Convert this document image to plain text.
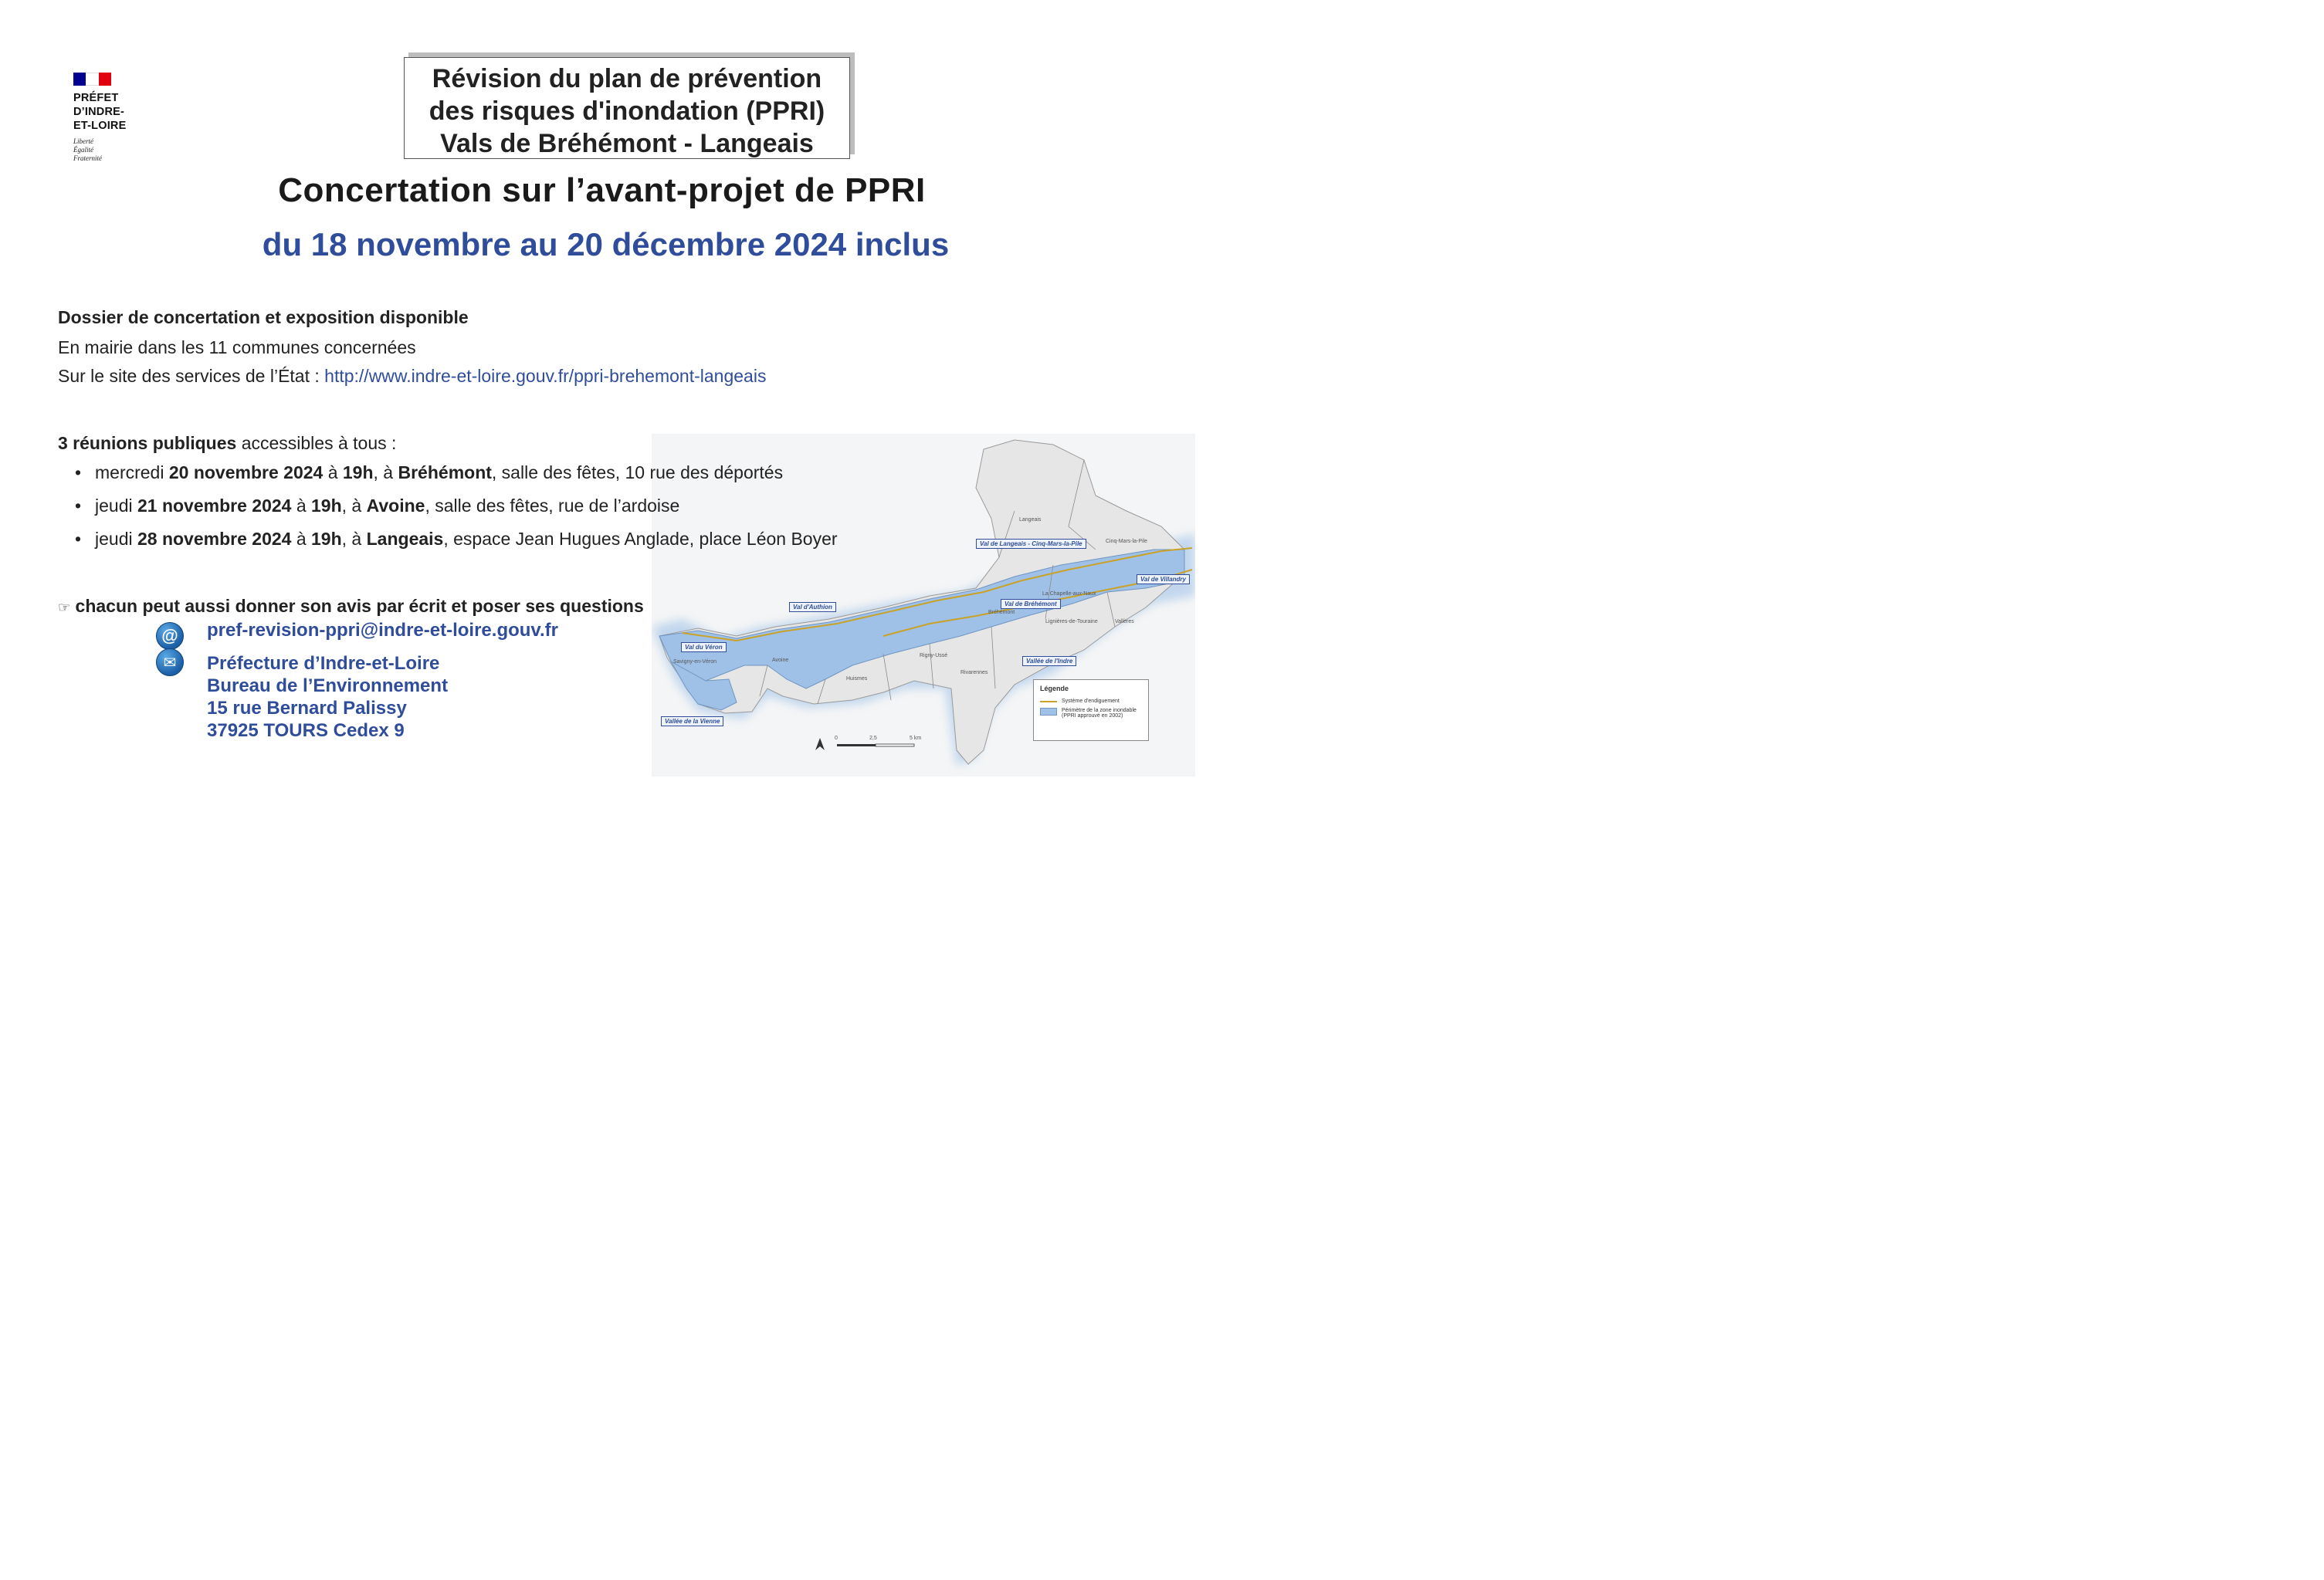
PRÉFET
D’INDRE-
ET-LOIRE
Liberté
Égalité
Fraternité
Révision du plan de prévention
des risques d'inondation (PPRI)
Vals de Bréhémont - Langeais
Concertation sur l’avant-projet de PPRI
du 18 novembre au 20 décembre 2024 inclus
Dossier de concertation et exposition disponible
En mairie dans les 11 communes concernées
Sur le site des services de l’État : http://www.indre-et-loire.gouv.fr/ppri-brehemont-langeais
Val de Langeais - Cinq-Mars-la-Pile
Val de Villandry
Val de Bréhémont
Val d'Authion
Val du Véron
Vallée de l'Indre
Vallée de la Vienne
Langeais
Cinq-Mars-la-Pile
La Chapelle-aux-Naux
Bréhémont
Lignières-de-Touraine	Vallères
Savigny-en-Véron	Avoine
Rigny-Ussé
Huismes
Rivarennes
0	2,5	5 km
Légende
Système d'endiguement
Périmètre de la zone inondable
(PPRI approuvé en 2002)
3 réunions publiques accessibles à tous :
• mercredi 20 novembre 2024 à 19h, à Bréhémont, salle des fêtes, 10 rue des déportés
• jeudi 21 novembre 2024 à 19h, à Avoine, salle des fêtes, rue de l’ardoise
• jeudi 28 novembre 2024 à 19h, à Langeais, espace Jean Hugues Anglade, place Léon Boyer
☞ chacun peut aussi donner son avis par écrit et poser ses questions
@	pref-revision-ppri@indre-et-loire.gouv.fr
✉	Préfecture d’Indre-et-Loire
Bureau de l’Environnement
15 rue Bernard Palissy
37925 TOURS Cedex 9
